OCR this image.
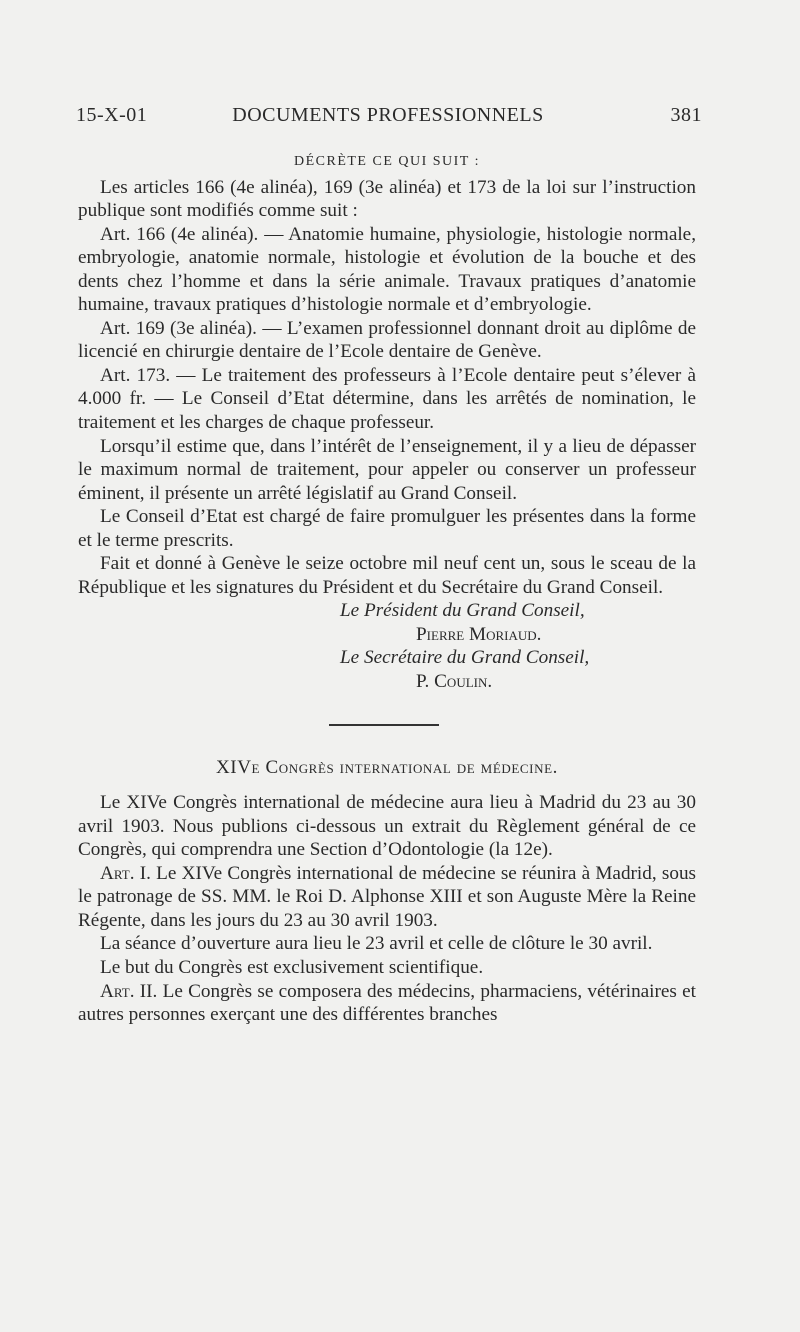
15-X-01	DOCUMENTS PROFESSIONNELS	381

DÉCRÈTE CE QUI SUIT :

Les articles 166 (4e alinéa), 169 (3e alinéa) et 173 de la loi sur l’instruction publique sont modifiés comme suit :

Art. 166 (4e alinéa). — Anatomie humaine, physiologie, histologie normale, embryologie, anatomie normale, histologie et évolution de la bouche et des dents chez l’homme et dans la série animale. Travaux pratiques d’anatomie humaine, travaux pratiques d’histologie normale et d’embryologie.

Art. 169 (3e alinéa). — L’examen professionnel donnant droit au diplôme de licencié en chirurgie dentaire de l’Ecole dentaire de Genève.

Art. 173. — Le traitement des professeurs à l’Ecole dentaire peut s’élever à 4.000 fr. — Le Conseil d’Etat détermine, dans les arrêtés de nomination, le traitement et les charges de chaque professeur.

Lorsqu’il estime que, dans l’intérêt de l’enseignement, il y a lieu de dépasser le maximum normal de traitement, pour appeler ou conserver un professeur éminent, il présente un arrêté législatif au Grand Conseil.

Le Conseil d’Etat est chargé de faire promulguer les présentes dans la forme et le terme prescrits.

Fait et donné à Genève le seize octobre mil neuf cent un, sous le sceau de la République et les signatures du Président et du Secrétaire du Grand Conseil.

Le Président du Grand Conseil,

Pierre Moriaud.

Le Secrétaire du Grand Conseil,

P. Coulin.

XIVe Congrès international de médecine.

Le XIVe Congrès international de médecine aura lieu à Madrid du 23 au 30 avril 1903. Nous publions ci-dessous un extrait du Règlement général de ce Congrès, qui comprendra une Section d’Odontologie (la 12e).

Art. I. Le XIVe Congrès international de médecine se réunira à Madrid, sous le patronage de SS. MM. le Roi D. Alphonse XIII et son Auguste Mère la Reine Régente, dans les jours du 23 au 30 avril 1903.

La séance d’ouverture aura lieu le 23 avril et celle de clôture le 30 avril.

Le but du Congrès est exclusivement scientifique.

Art. II. Le Congrès se composera des médecins, pharmaciens, vétérinaires et autres personnes exerçant une des différentes branches
